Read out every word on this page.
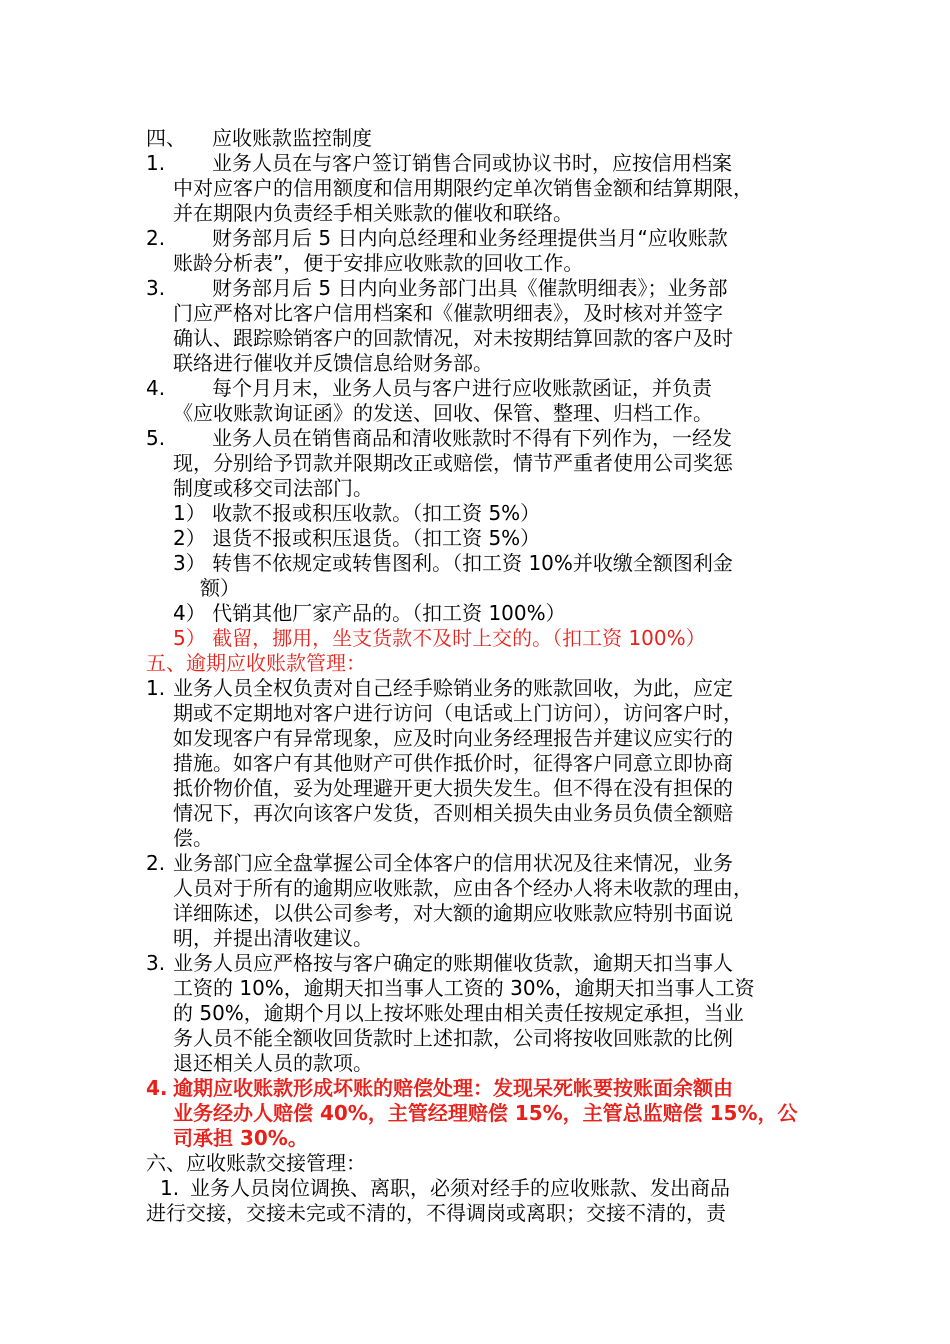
四、 应收账款监控制度
1. 业务人员在与客户签订销售合同或协议书时，应按信用档案
中对应客户的信用额度和信用期限约定单次销售金额和结算期限，
并在期限内负责经手相关账款的催收和联络。
2. 财务部月后 5 日内向总经理和业务经理提供当月“应收账款
账龄分析表”，便于安排应收账款的回收工作。
3. 财务部月后 5 日内向业务部门出具《催款明细表》；业务部
门应严格对比客户信用档案和《催款明细表》，及时核对并签字
确认、跟踪赊销客户的回款情况，对未按期结算回款的客户及时
联络进行催收并反馈信息给财务部。
4. 每个月月末，业务人员与客户进行应收账款函证，并负责
《应收账款询证函》的发送、回收、保管、整理、归档工作。
5. 业务人员在销售商品和清收账款时不得有下列作为，一经发
现，分别给予罚款并限期改正或赔偿，情节严重者使用公司奖惩
制度或移交司法部门。
1） 收款不报或积压收款。（扣工资 5%）
2） 退货不报或积压退货。（扣工资 5%）
3） 转售不依规定或转售图利。（扣工资 10%并收缴全额图利金
额）
4） 代销其他厂家产品的。（扣工资 100%）
5） 截留，挪用，坐支货款不及时上交的。（扣工资 100%）
五、逾期应收账款管理：
1. 业务人员全权负责对自己经手赊销业务的账款回收，为此，应定
期或不定期地对客户进行访问（电话或上门访问），访问客户时，
如发现客户有异常现象，应及时向业务经理报告并建议应实行的
措施。如客户有其他财产可供作抵价时，征得客户同意立即协商
抵价物价值，妥为处理避开更大损失发生。但不得在没有担保的
情况下，再次向该客户发货，否则相关损失由业务员负债全额赔
偿。
2. 业务部门应全盘掌握公司全体客户的信用状况及往来情况，业务
人员对于所有的逾期应收账款，应由各个经办人将未收款的理由，
详细陈述，以供公司参考，对大额的逾期应收账款应特别书面说
明，并提出清收建议。
3. 业务人员应严格按与客户确定的账期催收货款，逾期天扣当事人
工资的 10%，逾期天扣当事人工资的 30%，逾期天扣当事人工资
的 50%，逾期个月以上按坏账处理由相关责任按规定承担，当业
务人员不能全额收回货款时上述扣款，公司将按收回账款的比例
退还相关人员的款项。
4. 逾期应收账款形成坏账的赔偿处理：发现呆死帐要按账面余额由
业务经办人赔偿 40%，主管经理赔偿 15%，主管总监赔偿 15%，公
司承担 30%。
六、应收账款交接管理：
1. 业务人员岗位调换、离职，必须对经手的应收账款、发出商品
进行交接，交接未完或不清的，不得调岗或离职；交接不清的，责
